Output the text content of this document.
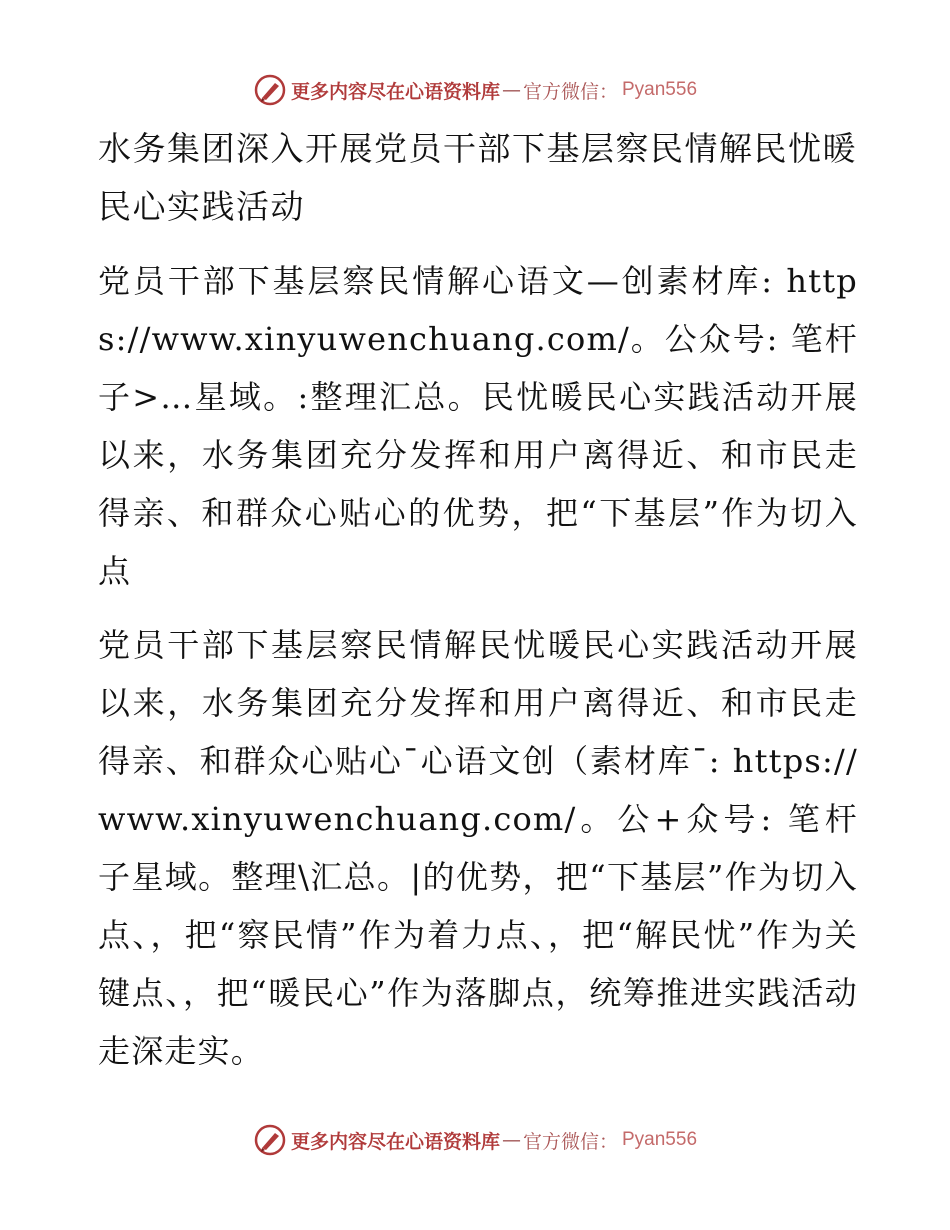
更多内容尽在心语资料库 — 官方微信： Pyan556
水务集团深入开展党员干部下基层察民情解民忧暖民心实践活动

党员干部下基层察民情解心语文—创素材库: https://www.xinyuwenchuang.com/。公众号: 笔杆子>…星域。:整理汇总。民忧暖民心实践活动开展以来，水务集团充分发挥和用户离得近、和市民走得亲、和群众心贴心的优势，把“下基层”作为切入点

党员干部下基层察民情解民忧暖民心实践活动开展以来，水务集团充分发挥和用户离得近、和市民走得亲、和群众心贴心¯心语文创（素材库¯: https://www.xinyuwenchuang.com/。公+众号: 笔杆子星域。整理\汇总。|的优势，把“下基层”作为切入点、，把“察民情”作为着力点、，把“解民忧”作为关键点、，把“暖民心”作为落脚点，统筹推进实践活动走深走实。

更多内容尽在心语资料库 — 官方微信： Pyan556
